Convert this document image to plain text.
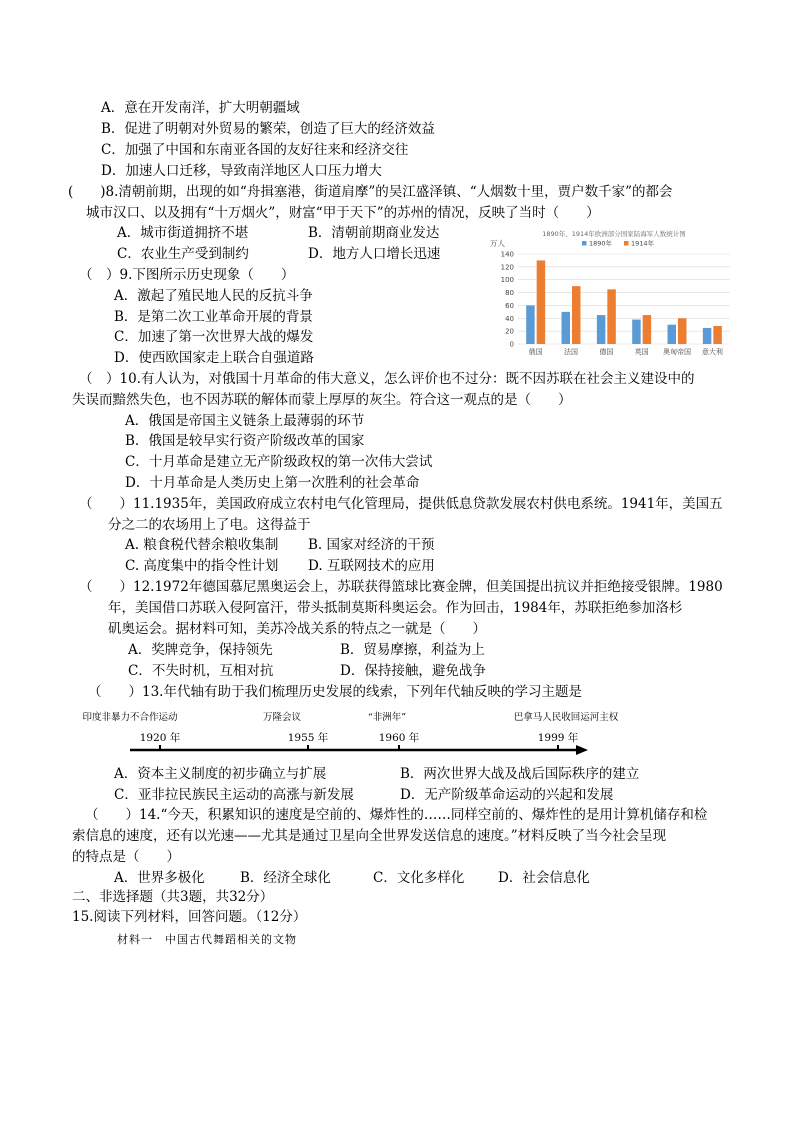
A．意在开发南洋，扩大明朝疆域
B．促进了明朝对外贸易的繁荣，创造了巨大的经济效益
C．加强了中国和东南亚各国的友好往来和经济交往
D．加速人口迁移，导致南洋地区人口压力增大
(　　)8.清朝前期，出现的如“舟揖塞港，街道肩摩”的吴江盛泽镇、“人烟数十里，贾户数千家”的都会
城市汉口、以及拥有“十万烟火”，财富“甲于天下”的苏州的情况，反映了当时（　　）
A．城市街道拥挤不堪	B．清朝前期商业发达
C．农业生产受到制约	D．地方人口增长迅速
（　）9.下图所示历史现象（　　）
A．激起了殖民地人民的反抗斗争
B．是第二次工业革命开展的背景
C．加速了第一次世界大战的爆发
D．使西欧国家走上联合自强道路
1890年、1914年欧洲部分国家陆海军人数统计图
万人	1890年	1914年
0
20
40
60
80
100
120
140
俄国	法国	德国	英国 奥匈帝国 意大利
（　）10.有人认为，对俄国十月革命的伟大意义，怎么评价也不过分：既不因苏联在社会主义建设中的
失误而黯然失色，也不因苏联的解体而蒙上厚厚的灰尘。符合这一观点的是（　　）
A．俄国是帝国主义链条上最薄弱的环节
B．俄国是较早实行资产阶级改革的国家
C．十月革命是建立无产阶级政权的第一次伟大尝试
D．十月革命是人类历史上第一次胜利的社会革命
（　　）11.1935年，美国政府成立农村电气化管理局，提供低息贷款发展农村供电系统。1941年，美国五
分之二的农场用上了电。这得益于
A. 粮食税代替余粮收集制 B. 国家对经济的干预
C. 高度集中的指令性计划 D. 互联网技术的应用
（　　）12.1972年德国慕尼黑奥运会上，苏联获得篮球比赛金牌，但美国提出抗议并拒绝接受银牌。1980
年，美国借口苏联入侵阿富汗，带头抵制莫斯科奥运会。作为回击，1984年，苏联拒绝参加洛杉
矶奥运会。据材料可知，美苏冷战关系的特点之一就是（　　）
A．奖牌竞争，保持领先	B．贸易摩擦，利益为上
C．不失时机，互相对抗	D．保持接触，避免战争
（　　）13.年代轴有助于我们梳理历史发展的线索，下列年代轴反映的学习主题是
印度非暴力不合作运动
1920 年
万隆会议
1955 年
“非洲年”
1960 年
巴拿马人民收回运河主权
1999 年
A．资本主义制度的初步确立与扩展	B．两次世界大战及战后国际秩序的建立
C．亚非拉民族民主运动的高涨与新发展	D．无产阶级革命运动的兴起和发展
（　　）14.“今天，积累知识的速度是空前的、爆炸性的……同样空前的、爆炸性的是用计算机储存和检
索信息的速度，还有以光速——尤其是通过卫星向全世界发送信息的速度。”材料反映了当今社会呈现
的特点是（　　）
A．世界多极化	B．经济全球化	C．文化多样化 D．社会信息化
二、非选择题（共3题，共32分）
15.阅读下列材料，回答问题。（12分）
材料一　中国古代舞蹈相关的文物
